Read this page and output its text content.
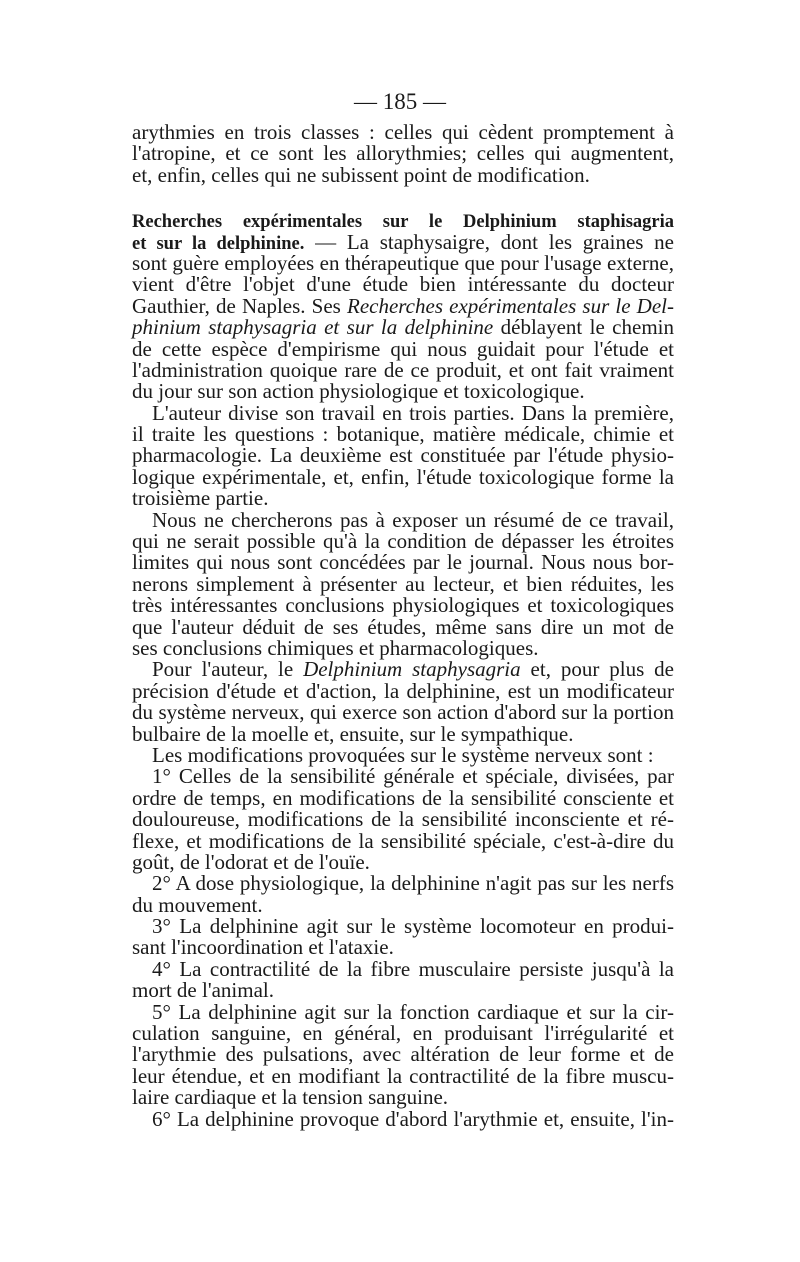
— 185 —
arythmies en trois classes : celles qui cèdent promptement à
l'atropine, et ce sont les allorythmies; celles qui augmentent,
et, enfin, celles qui ne subissent point de modification.
Recherches expérimentales sur le Delphinium staphisagria
et sur la delphinine. — La staphysaigre, dont les graines ne
sont guère employées en thérapeutique que pour l'usage externe,
vient d'être l'objet d'une étude bien intéressante du docteur
Gauthier, de Naples. Ses Recherches expérimentales sur le Del-
phinium staphysagria et sur la delphinine déblayent le chemin
de cette espèce d'empirisme qui nous guidait pour l'étude et
l'administration quoique rare de ce produit, et ont fait vraiment
du jour sur son action physiologique et toxicologique.
L'auteur divise son travail en trois parties. Dans la première,
il traite les questions : botanique, matière médicale, chimie et
pharmacologie. La deuxième est constituée par l'étude physio-
logique expérimentale, et, enfin, l'étude toxicologique forme la
troisième partie.
Nous ne chercherons pas à exposer un résumé de ce travail,
qui ne serait possible qu'à la condition de dépasser les étroites
limites qui nous sont concédées par le journal. Nous nous bor-
nerons simplement à présenter au lecteur, et bien réduites, les
très intéressantes conclusions physiologiques et toxicologiques
que l'auteur déduit de ses études, même sans dire un mot de
ses conclusions chimiques et pharmacologiques.
Pour l'auteur, le Delphinium staphysagria et, pour plus de
précision d'étude et d'action, la delphinine, est un modificateur
du système nerveux, qui exerce son action d'abord sur la portion
bulbaire de la moelle et, ensuite, sur le sympathique.
Les modifications provoquées sur le système nerveux sont :
1° Celles de la sensibilité générale et spéciale, divisées, par
ordre de temps, en modifications de la sensibilité consciente et
douloureuse, modifications de la sensibilité inconsciente et ré-
flexe, et modifications de la sensibilité spéciale, c'est-à-dire du
goût, de l'odorat et de l'ouïe.
2° A dose physiologique, la delphinine n'agit pas sur les nerfs
du mouvement.
3° La delphinine agit sur le système locomoteur en produi-
sant l'incoordination et l'ataxie.
4° La contractilité de la fibre musculaire persiste jusqu'à la
mort de l'animal.
5° La delphinine agit sur la fonction cardiaque et sur la cir-
culation sanguine, en général, en produisant l'irrégularité et
l'arythmie des pulsations, avec altération de leur forme et de
leur étendue, et en modifiant la contractilité de la fibre muscu-
laire cardiaque et la tension sanguine.
6° La delphinine provoque d'abord l'arythmie et, ensuite, l'in-
